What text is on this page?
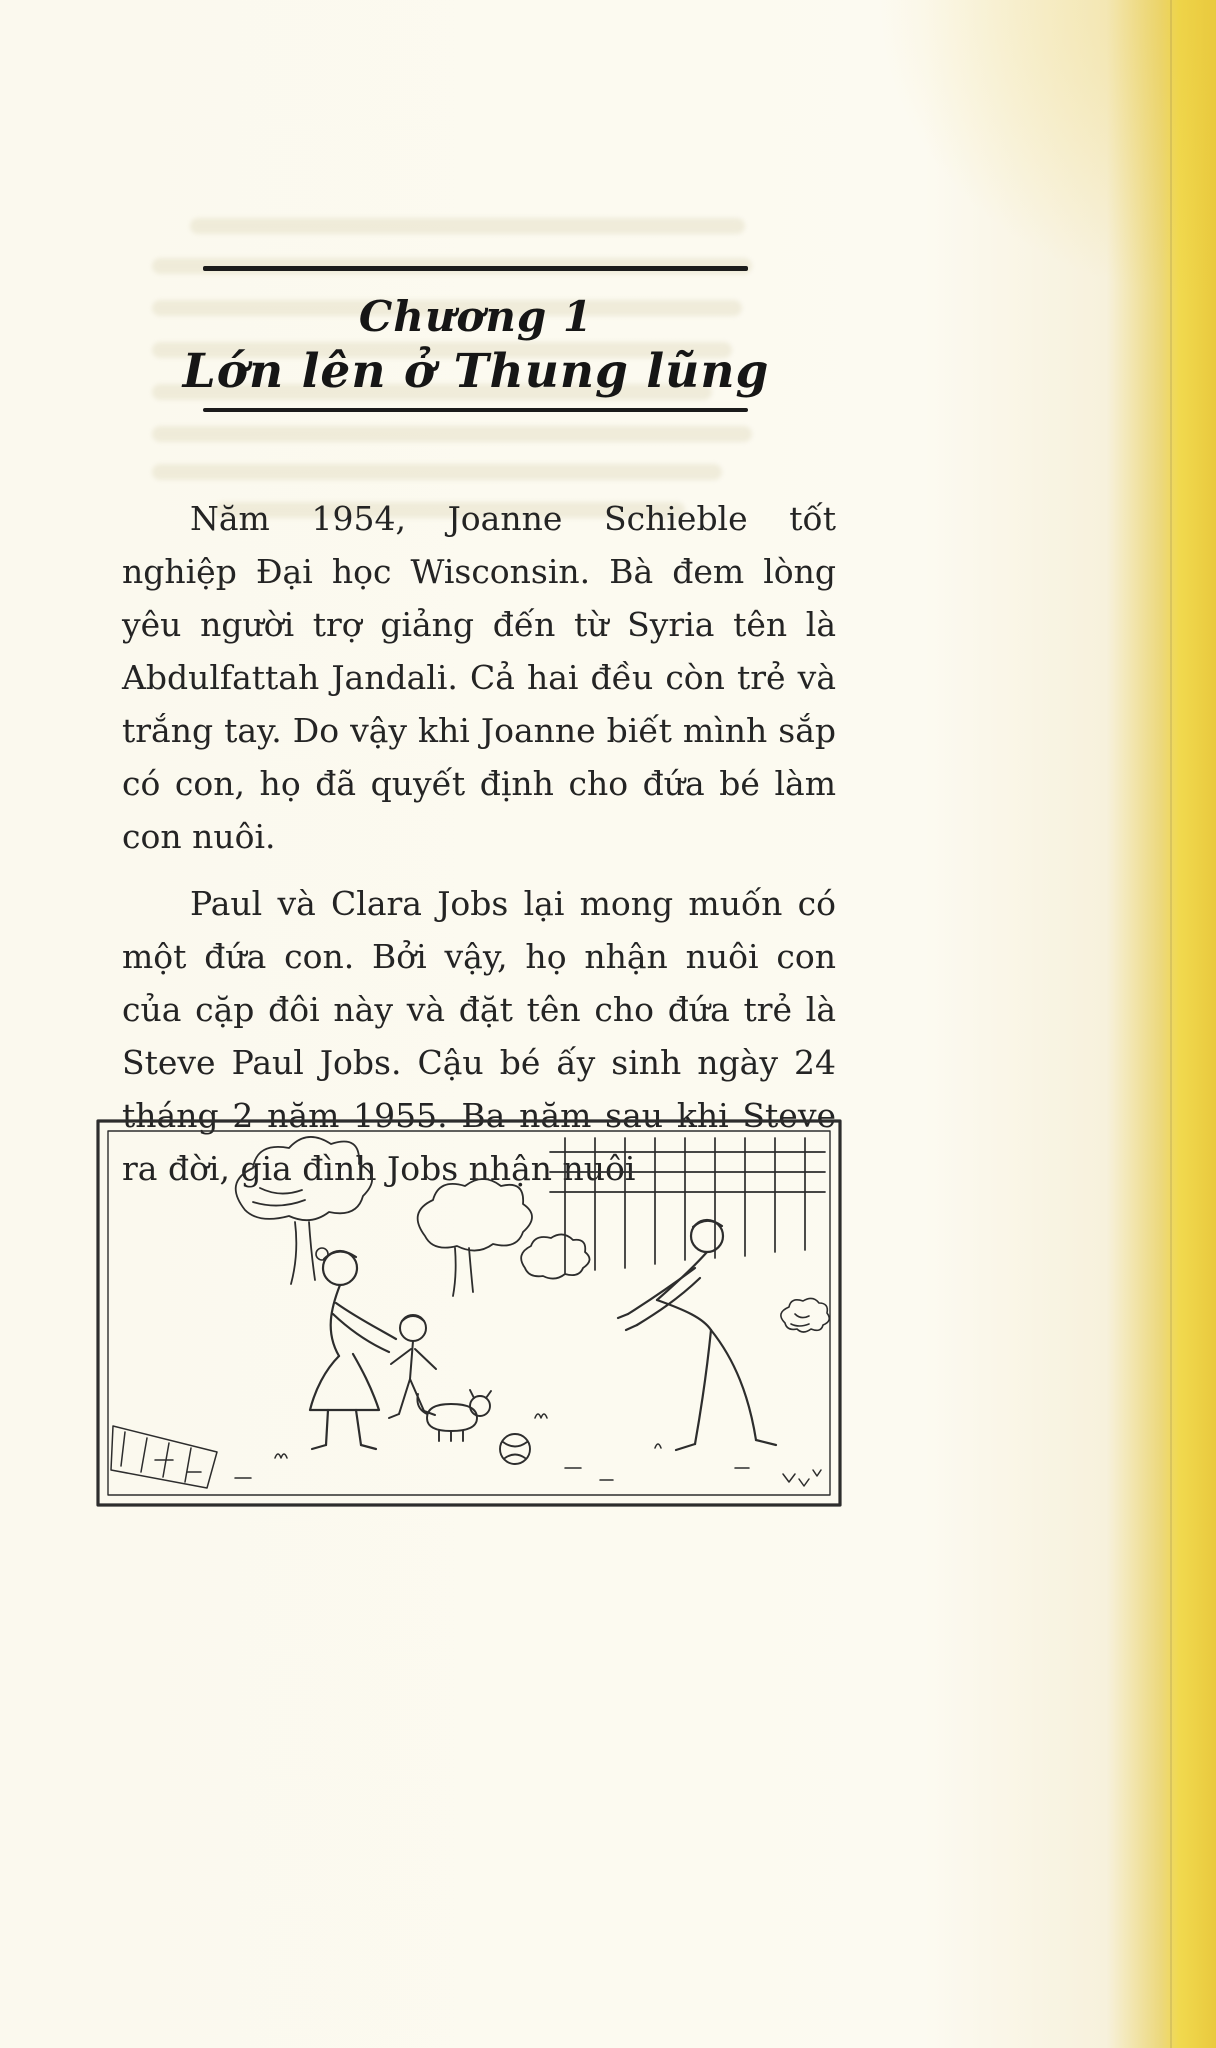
Chương 1
Lớn lên ở Thung lũng

Năm 1954, Joanne Schieble tốt nghiệp Đại học Wisconsin. Bà đem lòng yêu người trợ giảng đến từ Syria tên là Abdulfattah Jandali. Cả hai đều còn trẻ và trắng tay. Do vậy khi Joanne biết mình sắp có con, họ đã quyết định cho đứa bé làm con nuôi.

Paul và Clara Jobs lại mong muốn có một đứa con. Bởi vậy, họ nhận nuôi con của cặp đôi này và đặt tên cho đứa trẻ là Steve Paul Jobs. Cậu bé ấy sinh ngày 24 tháng 2 năm 1955. Ba năm sau khi Steve ra đời, gia đình Jobs nhận nuôi
